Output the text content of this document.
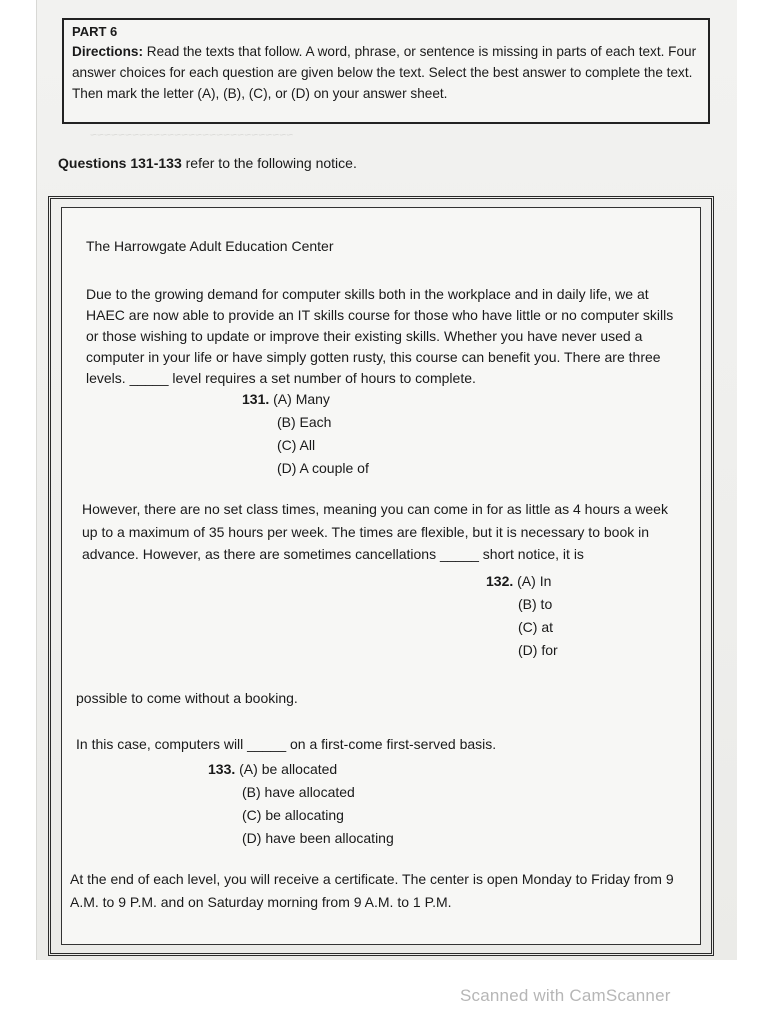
~~~~~~~~~~~~~~~~~~~~~~~~~~~~~

PART 6

Directions: Read the texts that follow. A word, phrase, or sentence is missing in parts of each text. Four answer choices for each question are given below the text. Select the best answer to complete the text. Then mark the letter (A), (B), (C), or (D) on your answer sheet.

Questions 131-133 refer to the following notice.

The Harrowgate Adult Education Center

Due to the growing demand for computer skills both in the workplace and in daily life, we at HAEC are now able to provide an IT skills course for those who have little or no computer skills or those wishing to update or improve their existing skills. Whether you have never used a computer in your life or have simply gotten rusty, this course can benefit you. There are three levels. _____ level requires a set number of hours to complete.

131. (A) Many
(B) Each
(C) All
(D) A couple of

However, there are no set class times, meaning you can come in for as little as 4 hours a week up to a maximum of 35 hours per week. The times are flexible, but it is necessary to book in advance. However, as there are sometimes cancellations _____ short notice, it is

132. (A) In
(B) to
(C) at
(D) for

possible to come without a booking.

In this case, computers will _____ on a first-come first-served basis.

133. (A) be allocated
(B) have allocated
(C) be allocating
(D) have been allocating

At the end of each level, you will receive a certificate. The center is open Monday to Friday from 9 A.M. to 9 P.M. and on Saturday morning from 9 A.M. to 1 P.M.

Scanned with CamScanner
